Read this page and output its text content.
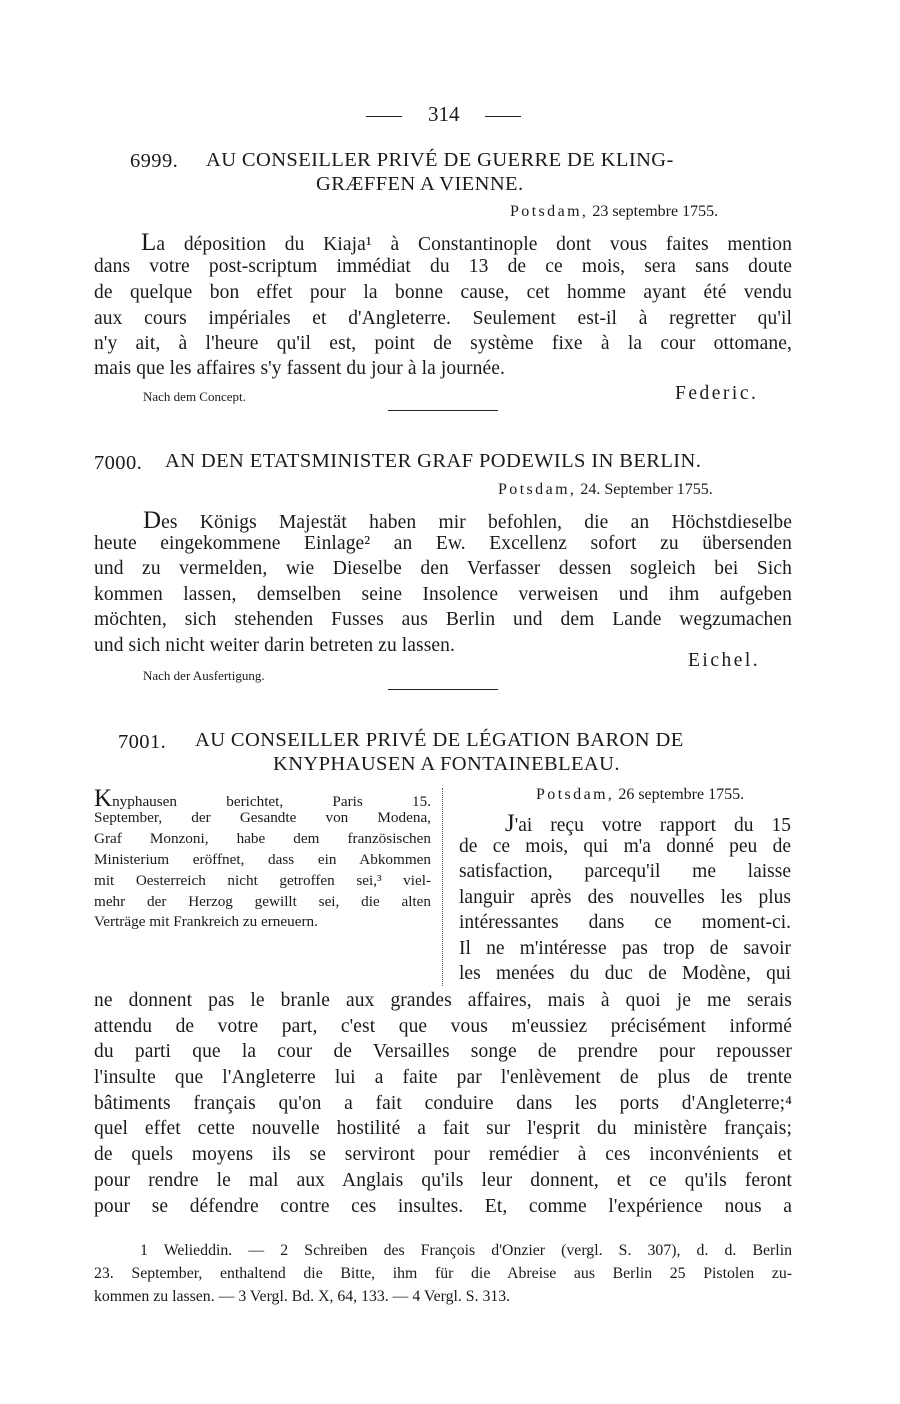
314
6999. AU CONSEILLER PRIVÉ DE GUERRE DE KLING-
GRÆFFEN A VIENNE.
Potsdam, 23 septembre 1755.
La déposition du Kiaja¹ à Constantinople dont vous faites mention
dans votre post-scriptum immédiat du 13 de ce mois, sera sans doute
de quelque bon effet pour la bonne cause, cet homme ayant été vendu
aux cours impériales et d'Angleterre. Seulement est-il à regretter qu'il
n'y ait, à l'heure qu'il est, point de système fixe à la cour ottomane,
mais que les affaires s'y fassent du jour à la journée.
Nach dem Concept.	Federic.
7000. AN DEN ETATSMINISTER GRAF PODEWILS IN BERLIN.
Potsdam, 24. September 1755.
Des Königs Majestät haben mir befohlen, die an Höchstdieselbe
heute eingekommene Einlage² an Ew. Excellenz sofort zu übersenden
und zu vermelden, wie Dieselbe den Verfasser dessen sogleich bei Sich
kommen lassen, demselben seine Insolence verweisen und ihm aufgeben
möchten, sich stehenden Fusses aus Berlin und dem Lande wegzumachen
und sich nicht weiter darin betreten zu lassen.
Eichel.
Nach der Ausfertigung.
7001. AU CONSEILLER PRIVÉ DE LÉGATION BARON DE
KNYPHAUSEN A FONTAINEBLEAU.
Knyphausen berichtet, Paris 15.
September, der Gesandte von Modena,
Graf Monzoni, habe dem französischen
Ministerium eröffnet, dass ein Abkommen
mit Oesterreich nicht getroffen sei,³ viel-
mehr der Herzog gewillt sei, die alten
Verträge mit Frankreich zu erneuern.
Potsdam, 26 septembre 1755.
J'ai reçu votre rapport du 15
de ce mois, qui m'a donné peu de
satisfaction, parcequ'il me laisse
languir après des nouvelles les plus
intéressantes dans ce moment-ci.
Il ne m'intéresse pas trop de savoir
les menées du duc de Modène, qui
ne donnent pas le branle aux grandes affaires, mais à quoi je me serais
attendu de votre part, c'est que vous m'eussiez précisément informé
du parti que la cour de Versailles songe de prendre pour repousser
l'insulte que l'Angleterre lui a faite par l'enlèvement de plus de trente
bâtiments français qu'on a fait conduire dans les ports d'Angleterre;⁴
quel effet cette nouvelle hostilité a fait sur l'esprit du ministère français;
de quels moyens ils se serviront pour remédier à ces inconvénients et
pour rendre le mal aux Anglais qu'ils leur donnent, et ce qu'ils feront
pour se défendre contre ces insultes. Et, comme l'expérience nous a
1 Welieddin. — 2 Schreiben des François d'Onzier (vergl. S. 307), d. d. Berlin
23. September, enthaltend die Bitte, ihm für die Abreise aus Berlin 25 Pistolen zu-
kommen zu lassen. — 3 Vergl. Bd. X, 64, 133. — 4 Vergl. S. 313.
